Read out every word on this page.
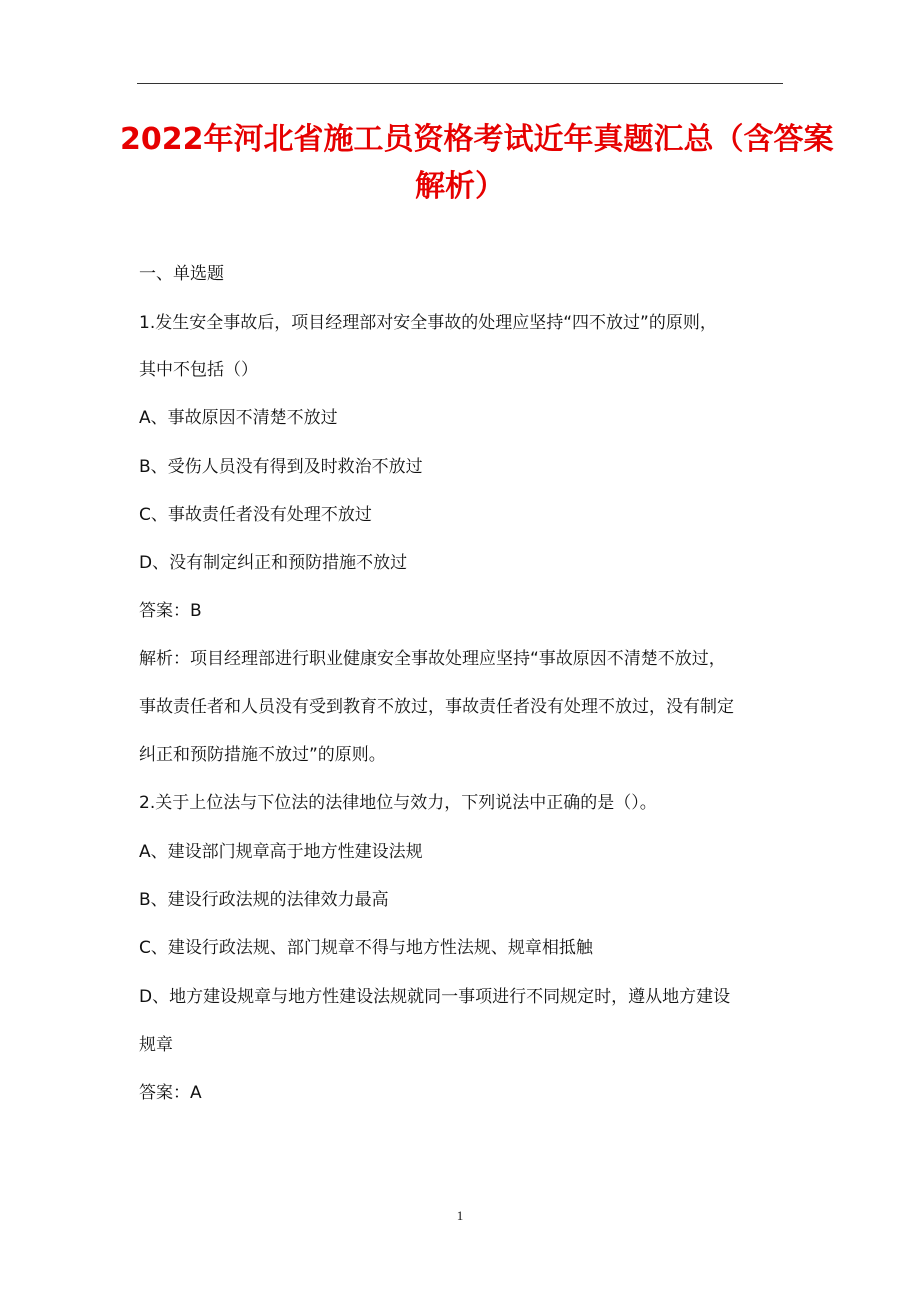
2022年河北省施工员资格考试近年真题汇总（含答案
解析）

一、单选题

1.发生安全事故后，项目经理部对安全事故的处理应坚持“四不放过”的原则，

其中不包括（）

A、事故原因不清楚不放过

B、受伤人员没有得到及时救治不放过

C、事故责任者没有处理不放过

D、没有制定纠正和预防措施不放过

答案：B

解析：项目经理部进行职业健康安全事故处理应坚持“事故原因不清楚不放过，

事故责任者和人员没有受到教育不放过，事故责任者没有处理不放过，没有制定

纠正和预防措施不放过”的原则。

2.关于上位法与下位法的法律地位与效力，下列说法中正确的是（）。

A、建设部门规章高于地方性建设法规

B、建设行政法规的法律效力最高

C、建设行政法规、部门规章不得与地方性法规、规章相抵触

D、地方建设规章与地方性建设法规就同一事项进行不同规定时，遵从地方建设

规章

答案：A

1
